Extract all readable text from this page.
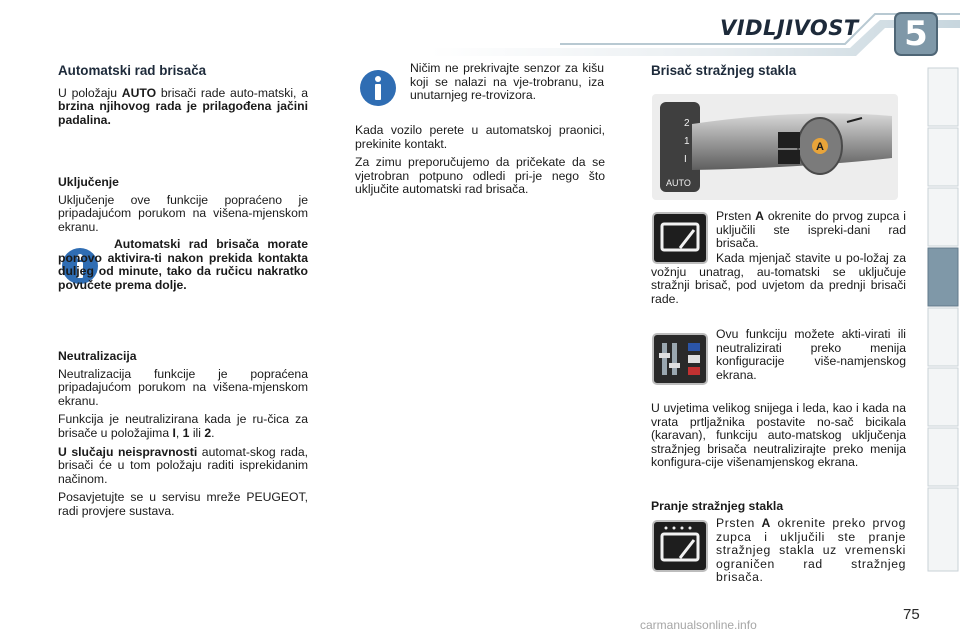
VIDLJIVOST	5
Automatski rad brisača

U položaju AUTO brisači rade auto-matski, a brzina njihovog rada je prilagođena jačini padalina.

Uključenje

Uključenje ove funkcije popraćeno je pripadajućom porukom na višena-mjenskom ekranu.

Automatski rad brisača morate ponovo aktivira-ti nakon prekida kontakta duljeg od minute, tako da ručicu nakratko povučete prema dolje.

Neutralizacija

Neutralizacija funkcije je popraćena pripadajućom porukom na višena-mjenskom ekranu.

Funkcija je neutralizirana kada je ru-čica za brisače u položajima I, 1 ili 2.

U slučaju neispravnosti automat-skog rada, brisači će u tom položaju raditi isprekidanim načinom.

Posavjetujte se u servisu mreže PEUGEOT, radi provjere sustava.

Ničim ne prekrivajte senzor za kišu koji se nalazi na vje-trobranu, iza unutarnjeg re-trovizora.

Kada vozilo perete u automatskoj praonici, prekinite kontakt.

Za zimu preporučujemo da pričekate da se vjetrobran potpuno odledi pri-je nego što uključite automatski rad brisača.

Brisač stražnjeg stakla
A
2
1
I
AUTO

Prsten A okrenite do prvog zupca i uključili ste ispreki-dani rad brisača.

Kada mjenjač stavite u po-ložaj za vožnju unatrag, au-tomatski se uključuje stražnji brisač, pod uvjetom da prednji brisači rade.

Ovu funkciju možete akti-virati ili neutralizirati preko menija konfiguracije više-namjenskog ekrana.

U uvjetima velikog snijega i leda, kao i kada na vrata prtljažnika postavite no-sač bicikala (karavan), funkciju auto-matskog uključenja stražnjeg brisača neutralizirajte preko menija konfigura-cije višenamjenskog ekrana.

Pranje stražnjeg stakla

Prsten A okrenite preko prvog zupca i uključili ste pranje stražnjeg stakla uz vremenski ograničen rad stražnjeg brisača.

75
carmanualsonline.info
